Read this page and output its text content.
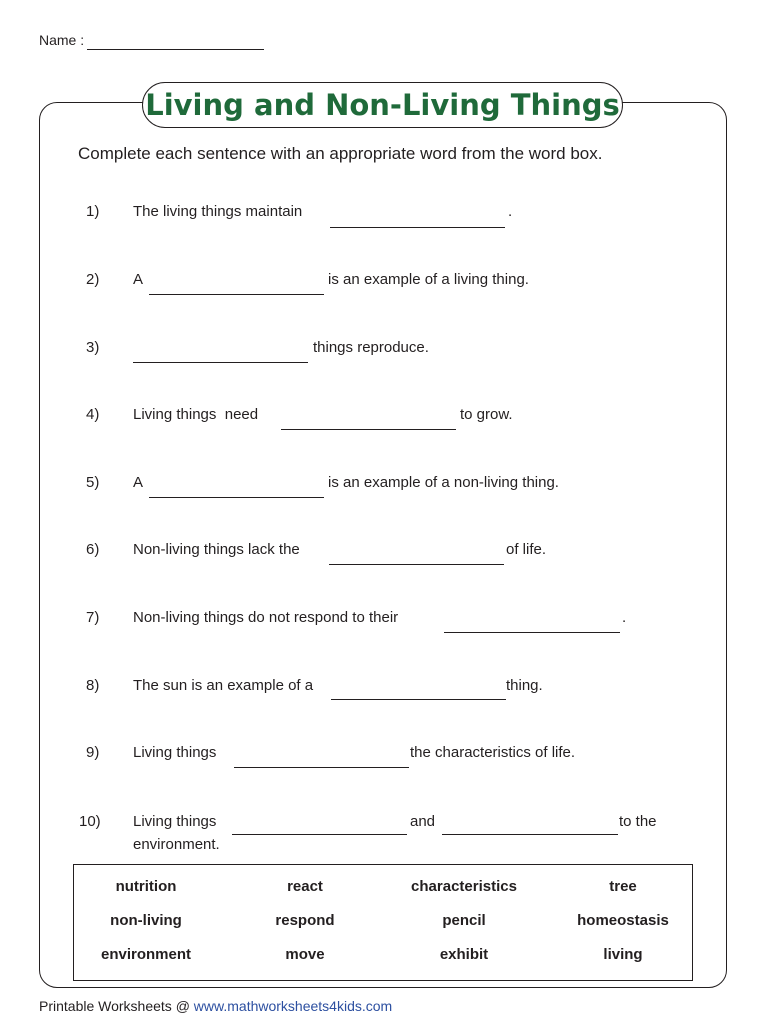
Name :
Living and Non-Living Things
Complete each sentence with an appropriate word from the word box.
1) The living things maintain	.
2) A	is an example of a living thing.
3)	things reproduce.
4) Living things  need	to grow.
5) A	is an example of a non-living thing.
6) Non-living things lack the	of life.
7) Non-living things do not respond to their	.
8) The sun is an example of a	thing.
9) Living things	the characteristics of life.
10) Living things	and	to the
environment.
nutrition	react	characteristics	tree
non-living	respond	pencil	homeostasis
environment	move	exhibit	living
Printable Worksheets @ www.mathworksheets4kids.com
